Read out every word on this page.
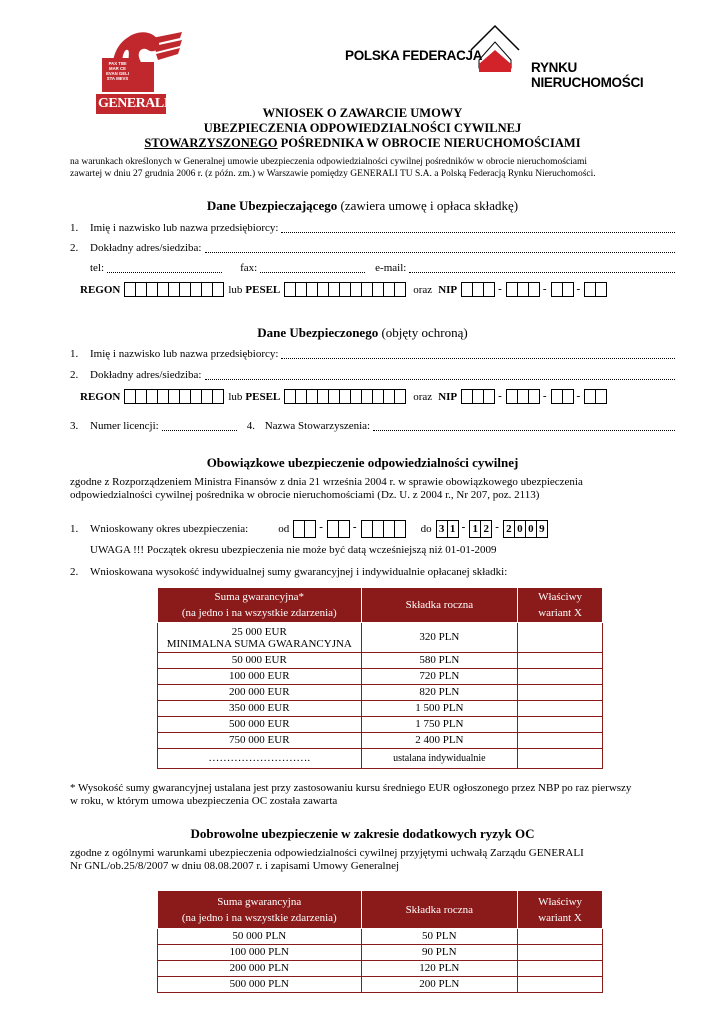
PAX TIBI
MAR CE
EVAN GELI
STA MEVS
GENERALI
POLSKA FEDERACJA
RYNKU NIERUCHOMOŚCI
WNIOSEK O ZAWARCIE UMOWY
UBEZPIECZENIA ODPOWIEDZIALNOŚCI CYWILNEJ
STOWARZYSZONEGO POŚREDNIKA W OBROCIE NIERUCHOMOŚCIAMI
na warunkach określonych w Generalnej umowie ubezpieczenia odpowiedzialności cywilnej pośredników w obrocie nieruchomościami
zawartej w dniu 27 grudnia 2006 r. (z późn. zm.) w Warszawie pomiędzy GENERALI TU S.A. a Polską Federacją Rynku Nieruchomości.
Dane Ubezpieczającego (zawiera umowę i opłaca składkę)
1.	Imię i nazwisko lub nazwa przedsiębiorcy:
2.	Dokładny adres/siedziba:
tel:	fax:	e-mail:
REGON	lub PESEL	oraz NIP	-	-	-
Dane Ubezpieczonego (objęty ochroną)
1.	Imię i nazwisko lub nazwa przedsiębiorcy:
2.	Dokładny adres/siedziba:
REGON	lub PESEL	oraz NIP	-	-	-
3.	Numer licencji:	4. Nazwa Stowarzyszenia:
Obowiązkowe ubezpieczenie odpowiedzialności cywilnej
zgodne z Rozporządzeniem Ministra Finansów z dnia 21 września 2004 r. w sprawie obowiązkowego ubezpieczenia
odpowiedzialności cywilnej pośrednika w obrocie nieruchomościami (Dz. U. z 2004 r., Nr 207, poz. 2113)
1.	Wnioskowany okres ubezpieczenia:	od	-	-	do 3 1 - 1 2 - 2 0 0 9
UWAGA !!! Początek okresu ubezpieczenia nie może być datą wcześniejszą niż 01-01-2009
2.	Wnioskowana wysokość indywidualnej sumy gwarancyjnej i indywidualnie opłacanej składki:
Suma gwarancyjna*
(na jedno i na wszystkie zdarzenia)	Składka roczna	Właściwy
wariant X
25 000 EUR
MINIMALNA SUMA GWARANCYJNA	320 PLN	
50 000 EUR	580 PLN	
100 000 EUR	720 PLN	
200 000 EUR	820 PLN	
350 000 EUR	1 500 PLN	
500 000 EUR	1 750 PLN	
750 000 EUR	2 400 PLN	
……………………….	ustalana indywidualnie	
* Wysokość sumy gwarancyjnej ustalana jest przy zastosowaniu kursu średniego EUR ogłoszonego przez NBP po raz pierwszy
w roku, w którym umowa ubezpieczenia OC została zawarta
Dobrowolne ubezpieczenie w zakresie dodatkowych ryzyk OC
zgodne z ogólnymi warunkami ubezpieczenia odpowiedzialności cywilnej przyjętymi uchwałą Zarządu GENERALI
Nr GNL/ob.25/8/2007 w dniu 08.08.2007 r. i zapisami Umowy Generalnej
Suma gwarancyjna
(na jedno i na wszystkie zdarzenia)	Składka roczna	Właściwy
wariant X
50 000 PLN	50 PLN	
100 000 PLN	90 PLN	
200 000 PLN	120 PLN	
500 000 PLN	200 PLN	
